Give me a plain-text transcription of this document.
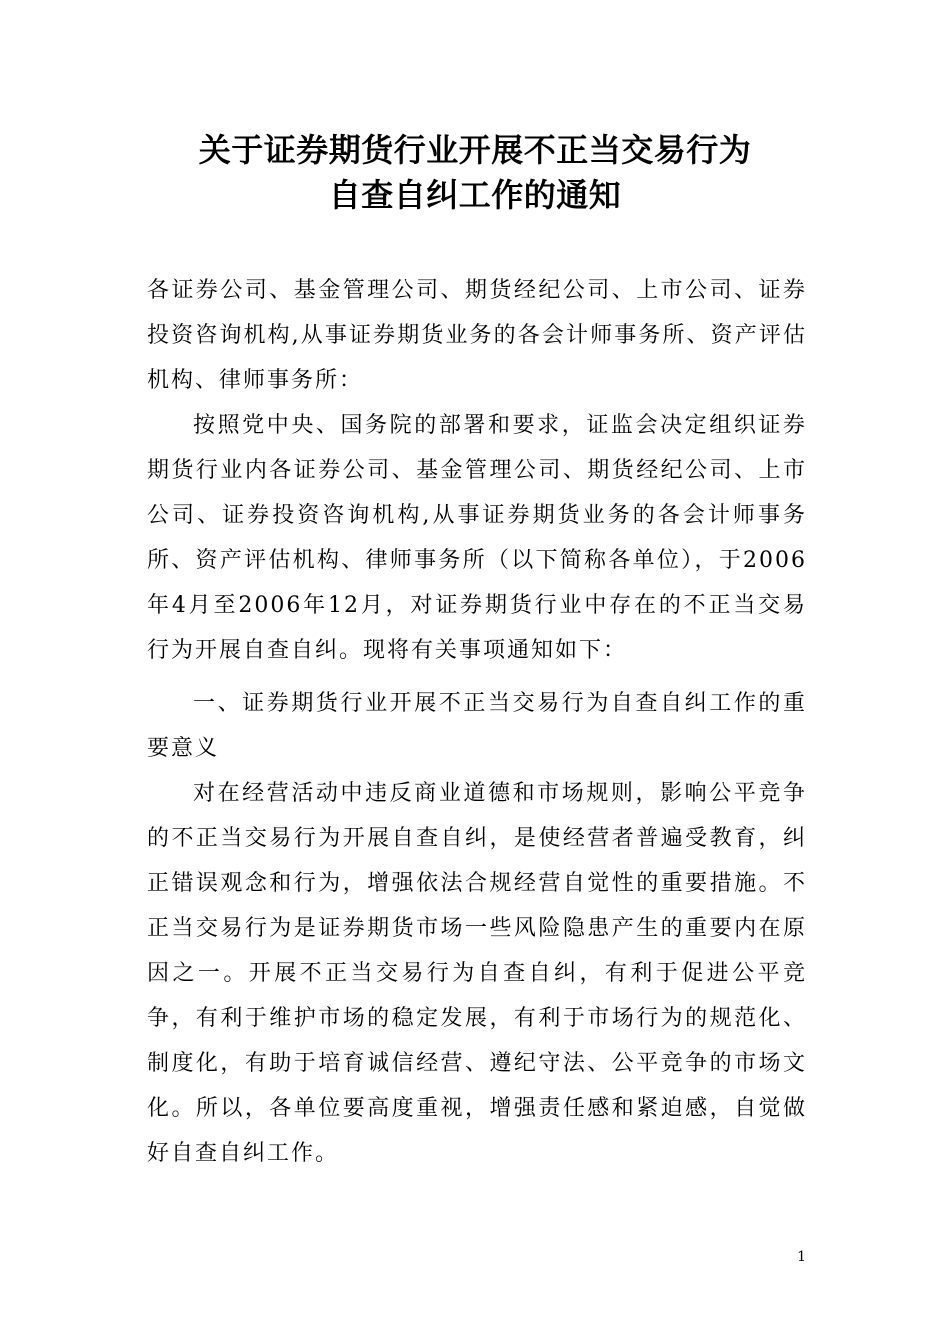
关于证券期货行业开展不正当交易行为
自查自纠工作的通知

各证券公司、基金管理公司、期货经纪公司、上市公司、证券投资咨询机构,从事证券期货业务的各会计师事务所、资产评估机构、律师事务所：

按照党中央、国务院的部署和要求，证监会决定组织证券期货行业内各证券公司、基金管理公司、期货经纪公司、上市公司、证券投资咨询机构,从事证券期货业务的各会计师事务所、资产评估机构、律师事务所（以下简称各单位），于2006年4月至2006年12月，对证券期货行业中存在的不正当交易行为开展自查自纠。现将有关事项通知如下：

一、证券期货行业开展不正当交易行为自查自纠工作的重要意义

对在经营活动中违反商业道德和市场规则，影响公平竞争的不正当交易行为开展自查自纠，是使经营者普遍受教育，纠正错误观念和行为，增强依法合规经营自觉性的重要措施。不正当交易行为是证券期货市场一些风险隐患产生的重要内在原因之一。开展不正当交易行为自查自纠，有利于促进公平竞争，有利于维护市场的稳定发展，有利于市场行为的规范化、制度化，有助于培育诚信经营、遵纪守法、公平竞争的市场文化。所以，各单位要高度重视，增强责任感和紧迫感，自觉做好自查自纠工作。

1
